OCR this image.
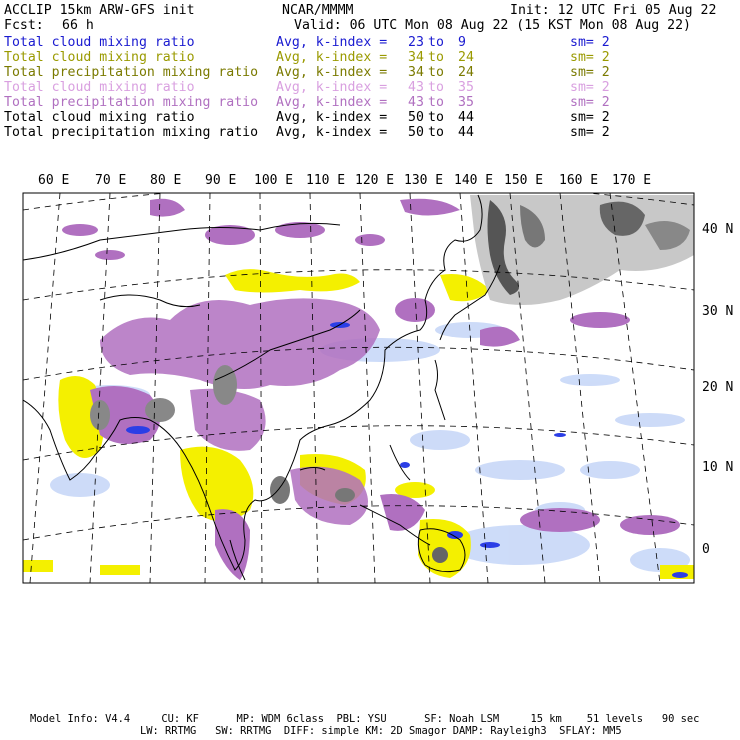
ACCLIP 15km ARW-GFS init	NCAR/MMMM	Init: 12 UTC Fri 05 Aug 22
Fcst: 66 h	Valid: 06 UTC Mon 08 Aug 22 (15 KST Mon 08 Aug 22)
Total cloud mixing ratio	Avg, k-index = 23 to 9	sm= 2
Total cloud mixing ratio	Avg, k-index = 34 to 24	sm= 2
Total precipitation mixing ratio Avg, k-index = 34 to 24	sm= 2
Total cloud mixing ratio	Avg, k-index = 43 to 35	sm= 2
Total precipitation mixing ratio Avg, k-index = 43 to 35	sm= 2
Total cloud mixing ratio	Avg, k-index = 50 to 44	sm= 2
Total precipitation mixing ratio Avg, k-index = 50 to 44	sm= 2
60 E 70 E 80 E 90 E 100 E 110 E 120 E 130 E 140 E 150 E 160 E 170 E
40 N
30 N
20 N
10 N
0
Model Info: V4.4     CU: KF      MP: WDM 6class  PBL: YSU      SF: Noah LSM     15 km    51 levels   90 sec
LW: RRTMG   SW: RRTMG  DIFF: simple KM: 2D Smagor DAMP: Rayleigh3  SFLAY: MM5
